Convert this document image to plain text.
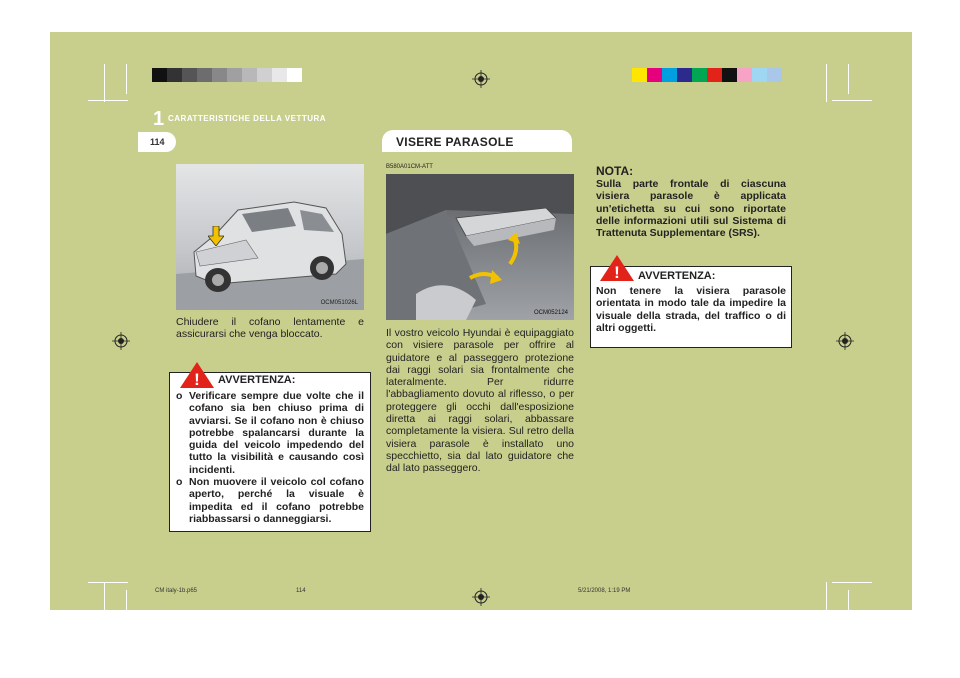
1 CARATTERISTICHE DELLA VETTURA
114	VISERE PARASOLE
OCM051026L
Chiudere il cofano lentamente e assicurarsi che venga bloccato.
! AVVERTENZA:
o Verificare sempre due volte che il cofano sia ben chiuso prima di avviarsi. Se il cofano non è chiuso potrebbe spalancarsi durante la guida del veicolo impedendo del tutto la visibilità e causando così incidenti.
o Non muovere il veicolo col cofano aperto, perché la visuale è impedita ed il cofano potrebbe riabbassarsi o danneggiarsi.
B580A01CM-ATT
OCM052124
Il vostro veicolo Hyundai è equipaggiato con visiere parasole per offrire al guidatore e al passeggero protezione dai raggi solari sia frontalmente che lateralmente. Per ridurre l'abbagliamento dovuto al riflesso, o per proteggere gli occhi dall'esposizione diretta ai raggi solari, abbassare completamente la visiera. Sul retro della visiera parasole è installato uno specchietto, sia dal lato guidatore che dal lato passeggero.
NOTA:
Sulla parte frontale di ciascuna visiera parasole è applicata un'etichetta su cui sono riportate delle informazioni utili sul Sistema di Trattenuta Supplementare (SRS).
! AVVERTENZA:
Non tenere la visiera parasole orientata in modo tale da impedire la visuale della strada, del traffico o di altri oggetti.
CM italy-1b.p65	114	5/21/2008, 1:19 PM
